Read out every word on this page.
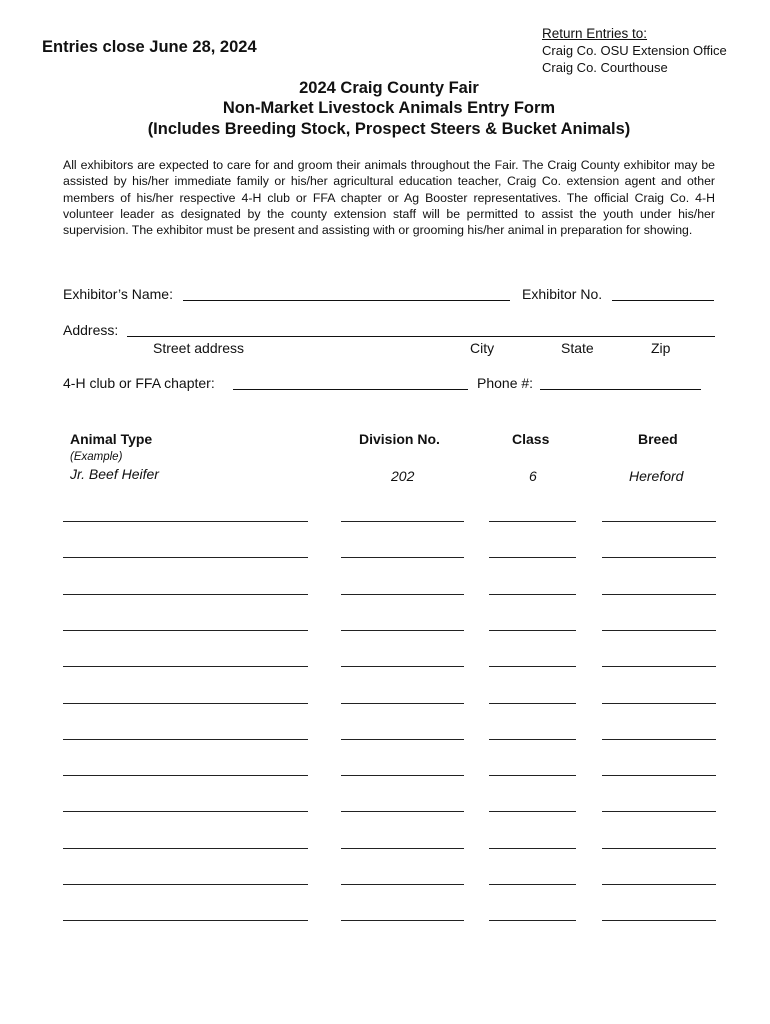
Entries close June 28, 2024
Return Entries to:
Craig Co. OSU Extension Office
Craig Co. Courthouse
2024 Craig County Fair
Non-Market Livestock Animals Entry Form
(Includes Breeding Stock, Prospect Steers & Bucket Animals)
All exhibitors are expected to care for and groom their animals throughout the Fair. The Craig County exhibitor may be assisted by his/her immediate family or his/her agricultural education teacher, Craig Co. extension agent and other members of his/her respective 4-H club or FFA chapter or Ag Booster representatives. The official Craig Co. 4-H volunteer leader as designated by the county extension staff will be permitted to assist the youth under his/her supervision. The exhibitor must be present and assisting with or grooming his/her animal in preparation for showing.
Exhibitor’s Name:	Exhibitor No.
Address:
Street address	City	State	Zip
4-H club or FFA chapter:	Phone #:
Animal Type	Division No.	Class	Breed
(Example)
Jr. Beef Heifer	202	6	Hereford
